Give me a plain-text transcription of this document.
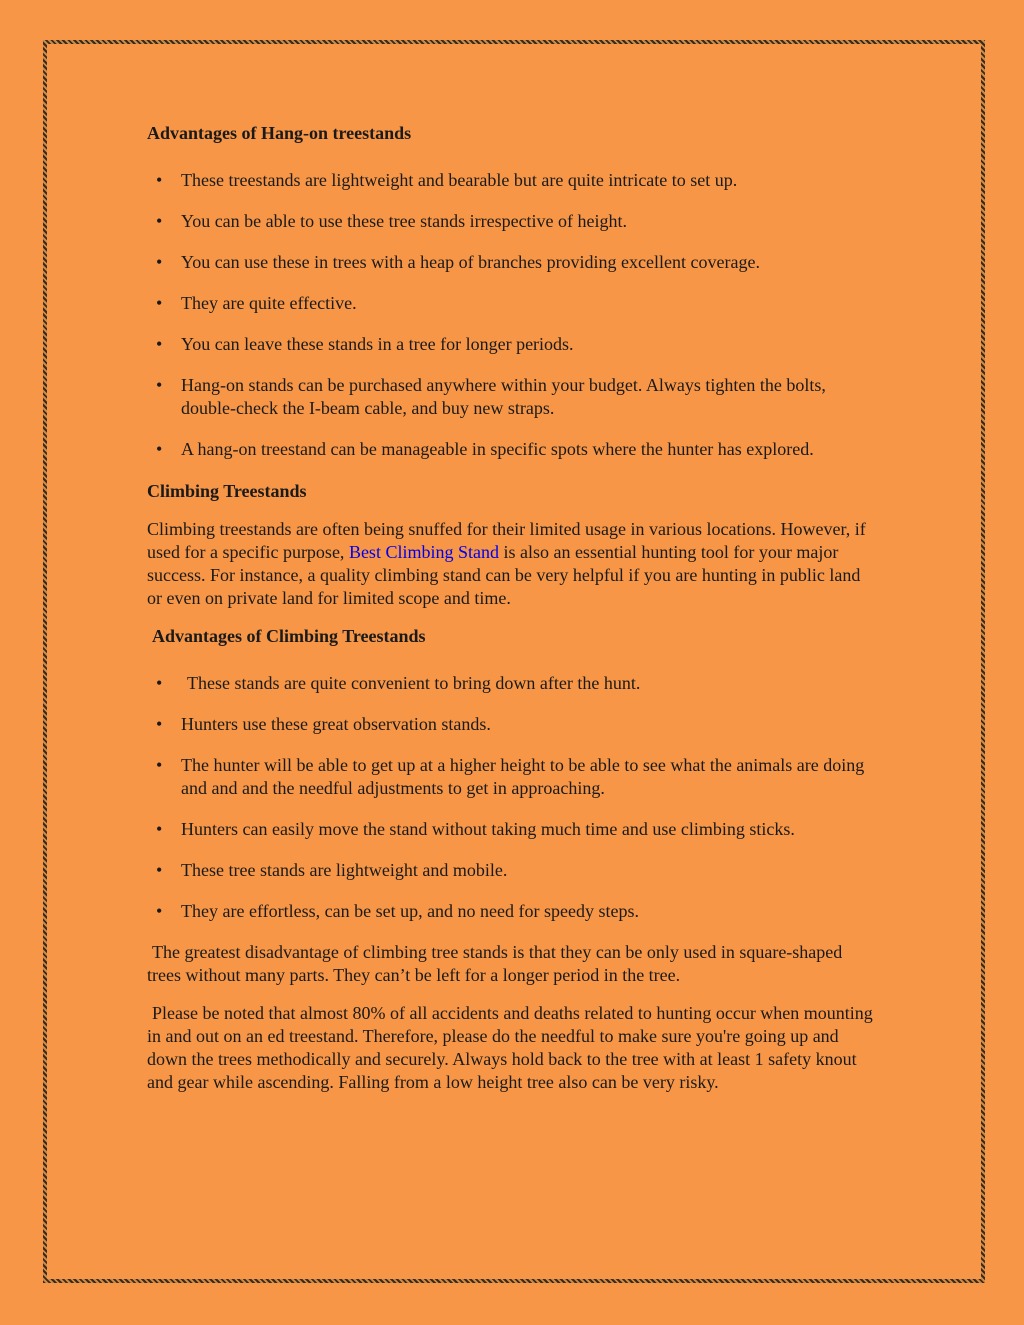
Advantages of Hang-on treestands
• These treestands are lightweight and bearable but are quite intricate to set up.
• You can be able to use these tree stands irrespective of height.
• You can use these in trees with a heap of branches providing excellent coverage.
• They are quite effective.
• You can leave these stands in a tree for longer periods.
• Hang-on stands can be purchased anywhere within your budget. Always tighten the bolts, double-check the I-beam cable, and buy new straps.
• A hang-on treestand can be manageable in specific spots where the hunter has explored.
Climbing Treestands

Climbing treestands are often being snuffed for their limited usage in various locations. However, if used for a specific purpose, Best Climbing Stand is also an essential hunting tool for your major success. For instance, a quality climbing stand can be very helpful if you are hunting in public land or even on private land for limited scope and time.

Advantages of Climbing Treestands
•	These stands are quite convenient to bring down after the hunt.
• Hunters use these great observation stands.
• The hunter will be able to get up at a higher height to be able to see what the animals are doing and and and the needful adjustments to get in approaching.
• Hunters can easily move the stand without taking much time and use climbing sticks.
• These tree stands are lightweight and mobile.
• They are effortless, can be set up, and no need for speedy steps.

The greatest disadvantage of climbing tree stands is that they can be only used in square-shaped trees without many parts. They can’t be left for a longer period in the tree.

Please be noted that almost 80% of all accidents and deaths related to hunting occur when mounting in and out on an ed treestand. Therefore, please do the needful to make sure you're going up and down the trees methodically and securely. Always hold back to the tree with at least 1 safety knout and gear while ascending. Falling from a low height tree also can be very risky.
